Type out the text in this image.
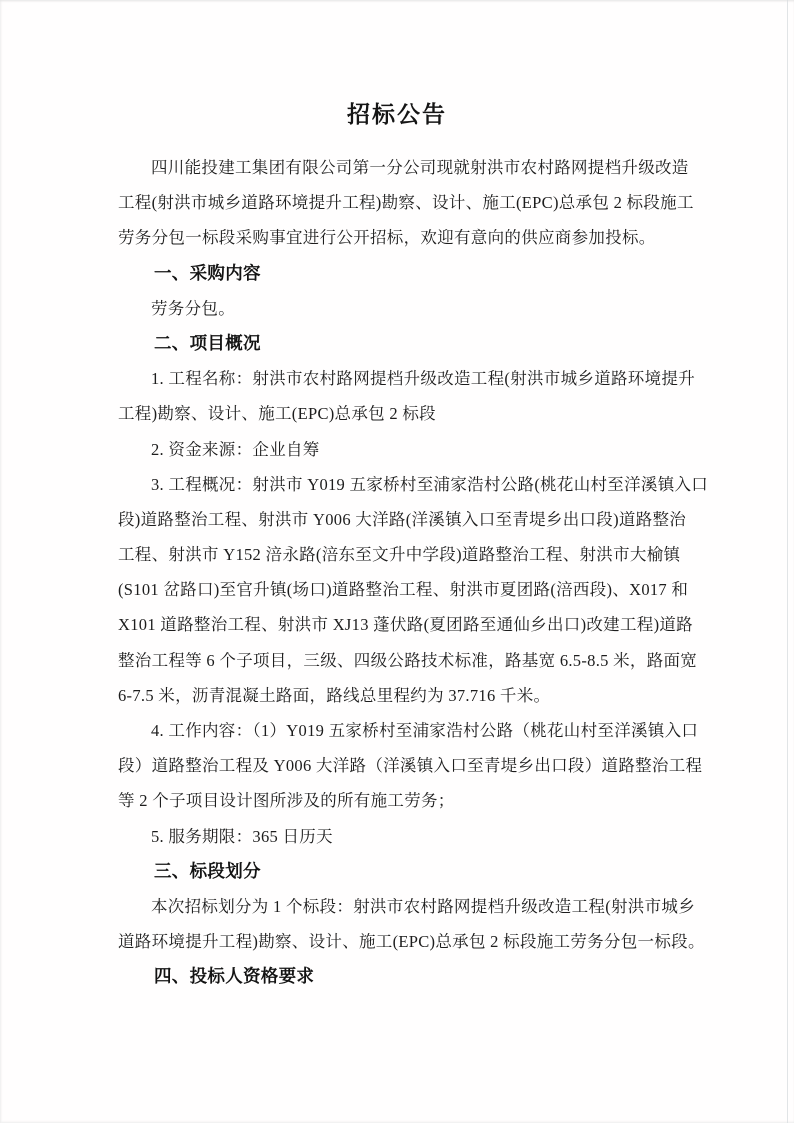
招标公告

四川能投建工集团有限公司第一分公司现就射洪市农村路网提档升级改造

工程(射洪市城乡道路环境提升工程)勘察、设计、施工(EPC)总承包 2 标段施工

劳务分包一标段采购事宜进行公开招标，欢迎有意向的供应商参加投标。

一、采购内容

劳务分包。

二、项目概况

1. 工程名称：射洪市农村路网提档升级改造工程(射洪市城乡道路环境提升

工程)勘察、设计、施工(EPC)总承包 2 标段

2. 资金来源：企业自筹

3. 工程概况：射洪市 Y019 五家桥村至浦家浩村公路(桃花山村至洋溪镇入口

段)道路整治工程、射洪市 Y006 大洋路(洋溪镇入口至青堤乡出口段)道路整治

工程、射洪市 Y152 涪永路(涪东至文升中学段)道路整治工程、射洪市大榆镇

(S101 岔路口)至官升镇(场口)道路整治工程、射洪市夏团路(涪西段)、X017 和

X101 道路整治工程、射洪市 XJ13 蓬伏路(夏团路至通仙乡出口)改建工程)道路

整治工程等 6 个子项目，三级、四级公路技术标准，路基宽 6.5-8.5 米，路面宽

6-7.5 米，沥青混凝土路面，路线总里程约为 37.716 千米。

4. 工作内容：（1）Y019 五家桥村至浦家浩村公路（桃花山村至洋溪镇入口

段）道路整治工程及 Y006 大洋路（洋溪镇入口至青堤乡出口段）道路整治工程

等 2 个子项目设计图所涉及的所有施工劳务；

5. 服务期限：365 日历天

三、标段划分

本次招标划分为 1 个标段：射洪市农村路网提档升级改造工程(射洪市城乡

道路环境提升工程)勘察、设计、施工(EPC)总承包 2 标段施工劳务分包一标段。

四、投标人资格要求
